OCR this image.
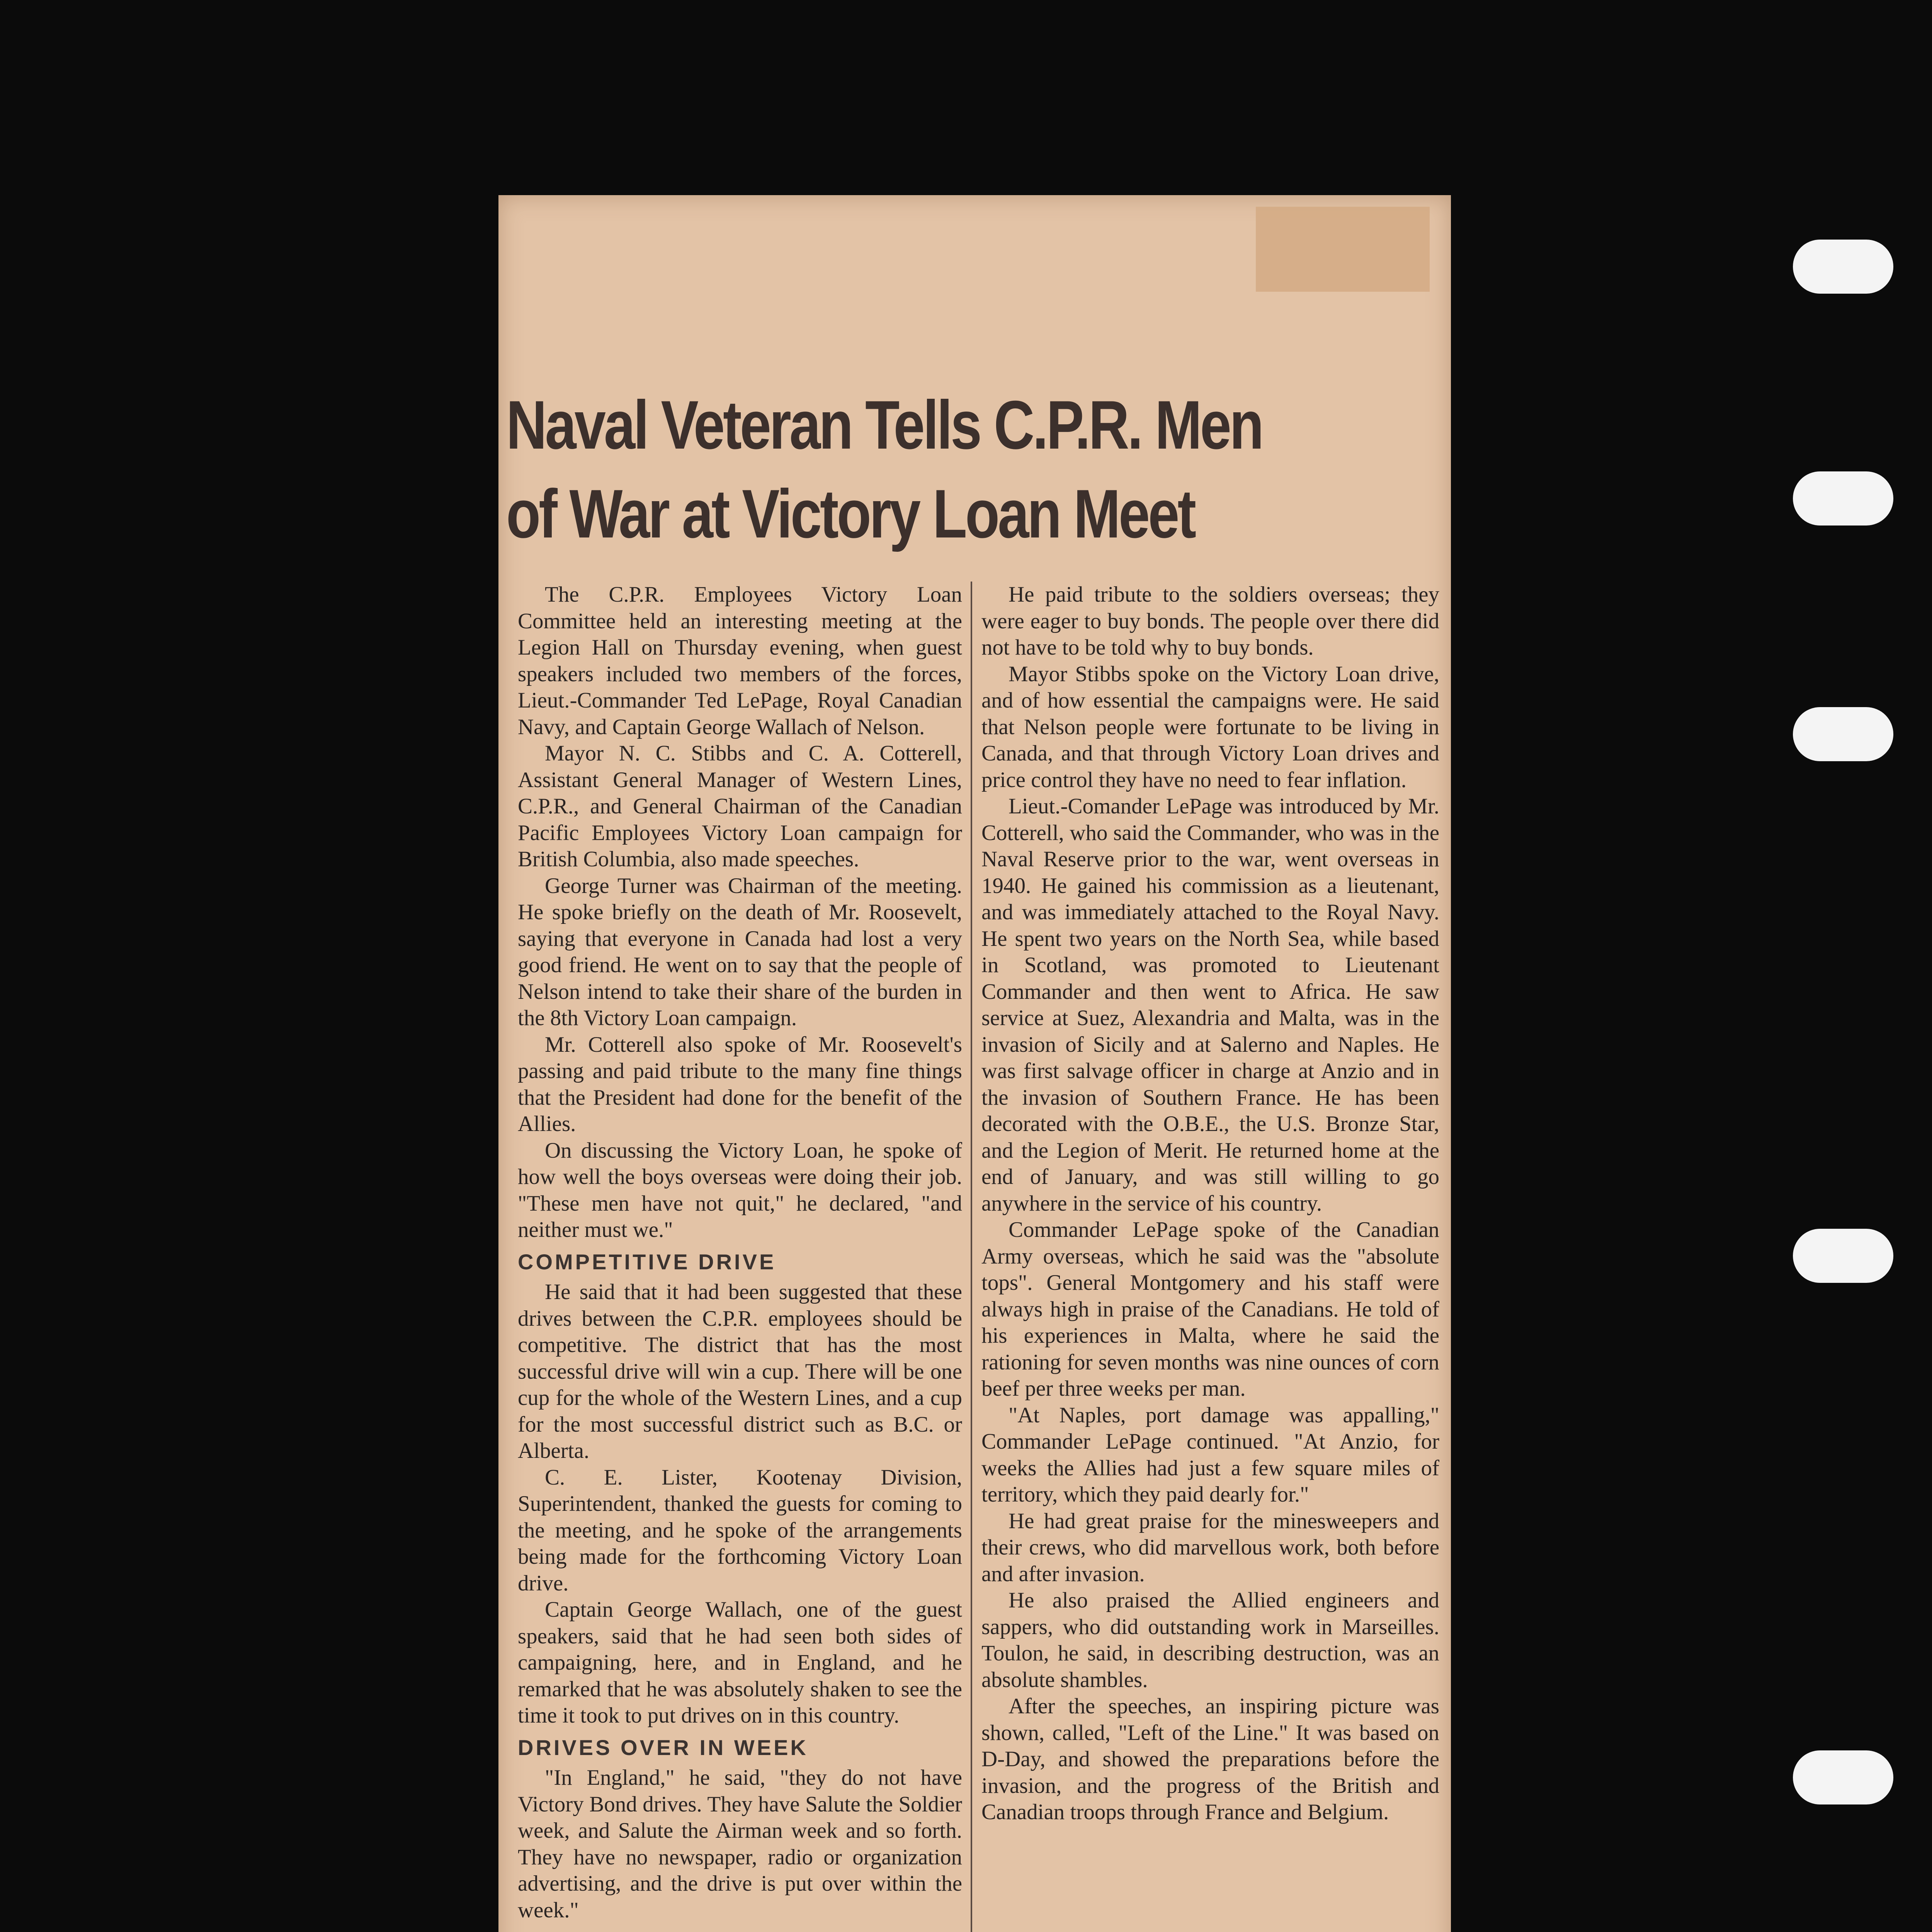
Naval Veteran Tells C.P.R. Men
of War at Victory Loan Meet

The C.P.R. Employees Victory Loan Committee held an interesting meeting at the Legion Hall on Thursday evening, when guest speakers included two members of the forces, Lieut.-Commander Ted LePage, Royal Canadian Navy, and Captain George Wallach of Nelson.

Mayor N. C. Stibbs and C. A. Cotterell, Assistant General Manager of Western Lines, C.P.R., and General Chairman of the Canadian Pacific Employees Victory Loan campaign for British Columbia, also made speeches.

George Turner was Chairman of the meeting. He spoke briefly on the death of Mr. Roosevelt, saying that everyone in Canada had lost a very good friend. He went on to say that the people of Nelson intend to take their share of the burden in the 8th Victory Loan campaign.

Mr. Cotterell also spoke of Mr. Roosevelt's passing and paid tribute to the many fine things that the President had done for the benefit of the Allies.

On discussing the Victory Loan, he spoke of how well the boys overseas were doing their job. "These men have not quit," he declared, "and neither must we."

COMPETITIVE DRIVE

He said that it had been suggested that these drives between the C.P.R. employees should be competitive. The district that has the most successful drive will win a cup. There will be one cup for the whole of the Western Lines, and a cup for the most successful district such as B.C. or Alberta.

C. E. Lister, Kootenay Division, Superintendent, thanked the guests for coming to the meeting, and he spoke of the arrangements being made for the forthcoming Victory Loan drive.

Captain George Wallach, one of the guest speakers, said that he had seen both sides of campaigning, here, and in England, and he remarked that he was absolutely shaken to see the time it took to put drives on in this country.

DRIVES OVER IN WEEK

"In England," he said, "they do not have Victory Bond drives. They have Salute the Soldier week, and Salute the Airman week and so forth. They have no newspaper, radio or organization advertising, and the drive is put over within the week."

He paid tribute to the soldiers overseas; they were eager to buy bonds. The people over there did not have to be told why to buy bonds.

Mayor Stibbs spoke on the Victory Loan drive, and of how essential the campaigns were. He said that Nelson people were fortunate to be living in Canada, and that through Victory Loan drives and price control they have no need to fear inflation.

Lieut.-Comander LePage was introduced by Mr. Cotterell, who said the Commander, who was in the Naval Reserve prior to the war, went overseas in 1940. He gained his commission as a lieutenant, and was immediately attached to the Royal Navy. He spent two years on the North Sea, while based in Scotland, was promoted to Lieutenant Commander and then went to Africa. He saw service at Suez, Alexandria and Malta, was in the invasion of Sicily and at Salerno and Naples. He was first salvage officer in charge at Anzio and in the invasion of Southern France. He has been decorated with the O.B.E., the U.S. Bronze Star, and the Legion of Merit. He returned home at the end of January, and was still willing to go anywhere in the service of his country.

Commander LePage spoke of the Canadian Army overseas, which he said was the "absolute tops". General Montgomery and his staff were always high in praise of the Canadians. He told of his experiences in Malta, where he said the rationing for seven months was nine ounces of corn beef per three weeks per man.

"At Naples, port damage was appalling," Commander LePage continued. "At Anzio, for weeks the Allies had just a few square miles of territory, which they paid dearly for."

He had great praise for the minesweepers and their crews, who did marvellous work, both before and after invasion.

He also praised the Allied engineers and sappers, who did outstanding work in Marseilles. Toulon, he said, in describing destruction, was an absolute shambles.

After the speeches, an inspiring picture was shown, called, "Left of the Line." It was based on D-Day, and showed the preparations before the invasion, and the progress of the British and Canadian troops through France and Belgium.
